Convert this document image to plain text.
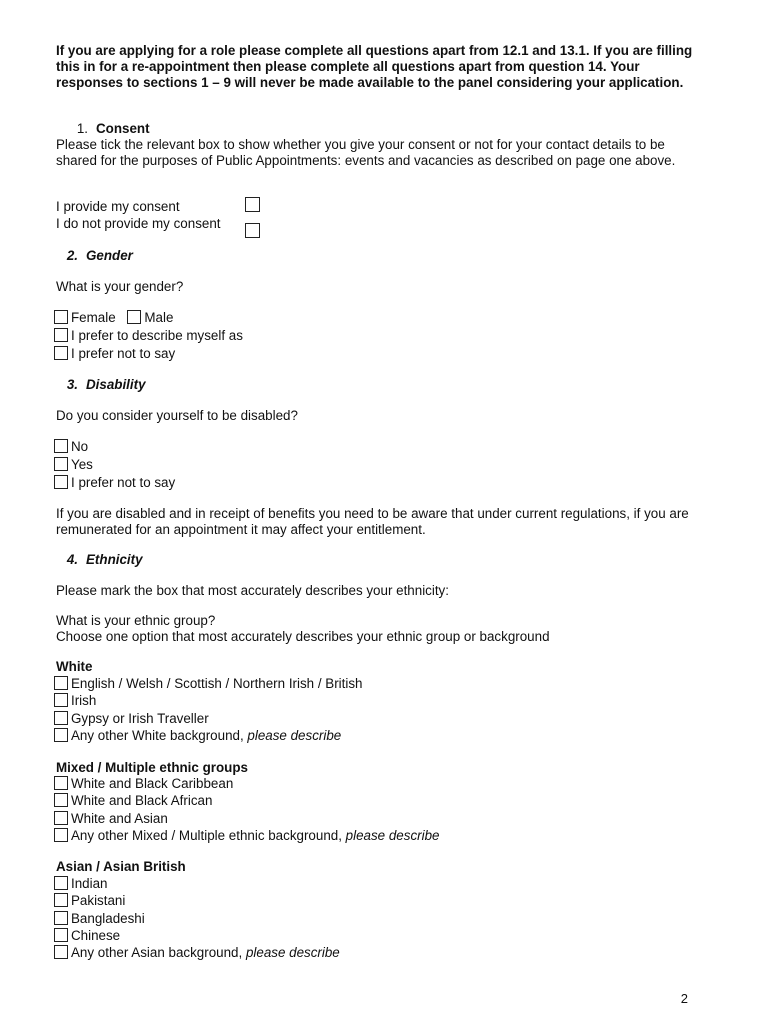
If you are applying for a role please complete all questions apart from 12.1 and 13.1. If you are filling this in for a re-appointment then please complete all questions apart from question 14. Your responses to sections 1 – 9 will never be made available to the panel considering your application.

1. Consent
Please tick the relevant box to show whether you give your consent or not for your contact details to be shared for the purposes of Public Appointments: events and vacancies as described on page one above.
I provide my consent
I do not provide my consent
2. Gender
What is your gender?
Female Male
I prefer to describe myself as
I prefer not to say
3. Disability
Do you consider yourself to be disabled?
No
Yes
I prefer not to say
If you are disabled and in receipt of benefits you need to be aware that under current regulations, if you are remunerated for an appointment it may affect your entitlement.
4. Ethnicity
Please mark the box that most accurately describes your ethnicity:
What is your ethnic group?
Choose one option that most accurately describes your ethnic group or background
White
English / Welsh / Scottish / Northern Irish / British
Irish
Gypsy or Irish Traveller
Any other White background, please describe
Mixed / Multiple ethnic groups
White and Black Caribbean
White and Black African
White and Asian
Any other Mixed / Multiple ethnic background, please describe
Asian / Asian British
Indian
Pakistani
Bangladeshi
Chinese
Any other Asian background, please describe
2
